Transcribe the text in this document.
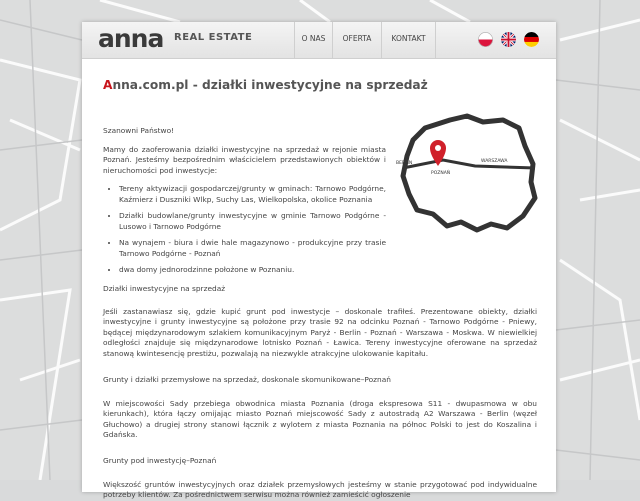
anna REAL ESTATE	O NAS	OFERTA	KONTAKT
Anna.com.pl - działki inwestycyjne na sprzedaż

Szanowni Państwo!

Mamy do zaoferowania działki inwestycyjne na sprzedaż w rejonie miasta Poznań. Jesteśmy bezpośrednim właścicielem przedstawionych obiektów i nieruchomości pod inwestycje:

• Tereny aktywizacji gospodarczej/grunty w gminach: Tarnowo Podgórne, Kaźmierz i Duszniki Wlkp, Suchy Las, Wielkopolska, okolice Poznania
• Działki budowlane/grunty inwestycyjne w gminie Tarnowo Podgórne - Lusowo i Tarnowo Podgórne
• Na wynajem - biura i dwie hale magazynowo - produkcyjne przy trasie Tarnowo Podgórne - Poznań
• dwa domy jednorodzinne położone w Poznaniu.
BERLIN
POZNAŃ
WARSZAWA

Działki inwestycyjne na sprzedaż

Jeśli zastanawiasz się, gdzie kupić grunt pod inwestycje – doskonale trafiłeś. Prezentowane obiekty, działki inwestycyjne i grunty inwestycyjne są położone przy trasie 92 na odcinku Poznań - Tarnowo Podgórne - Pniewy, będącej międzynarodowym szlakiem komunikacyjnym Paryż - Berlin - Poznań - Warszawa - Moskwa. W niewielkiej odległości znajduje się międzynarodowe lotnisko Poznań - Ławica. Tereny inwestycyjne oferowane na sprzedaż stanową kwintesencję prestiżu, pozwalają na niezwykle atrakcyjne ulokowanie kapitału.

Grunty i działki przemysłowe na sprzedaż, doskonale skomunikowane–Poznań

W miejscowości Sady przebiega obwodnica miasta Poznania (droga ekspresowa S11 - dwupasmowa w obu kierunkach), która łączy omijając miasto Poznań miejscowość Sady z autostradą A2 Warszawa - Berlin (węzeł Głuchowo) a drugiej strony stanowi łącznik z wylotem z miasta Poznania na północ Polski to jest do Koszalina i Gdańska.

Grunty pod inwestycję–Poznań

Większość gruntów inwestycyjnych oraz działek przemysłowych jesteśmy w stanie przygotować pod indywidualne potrzeby klientów. Za pośrednictwem serwisu można również zamieścić ogłoszenie
